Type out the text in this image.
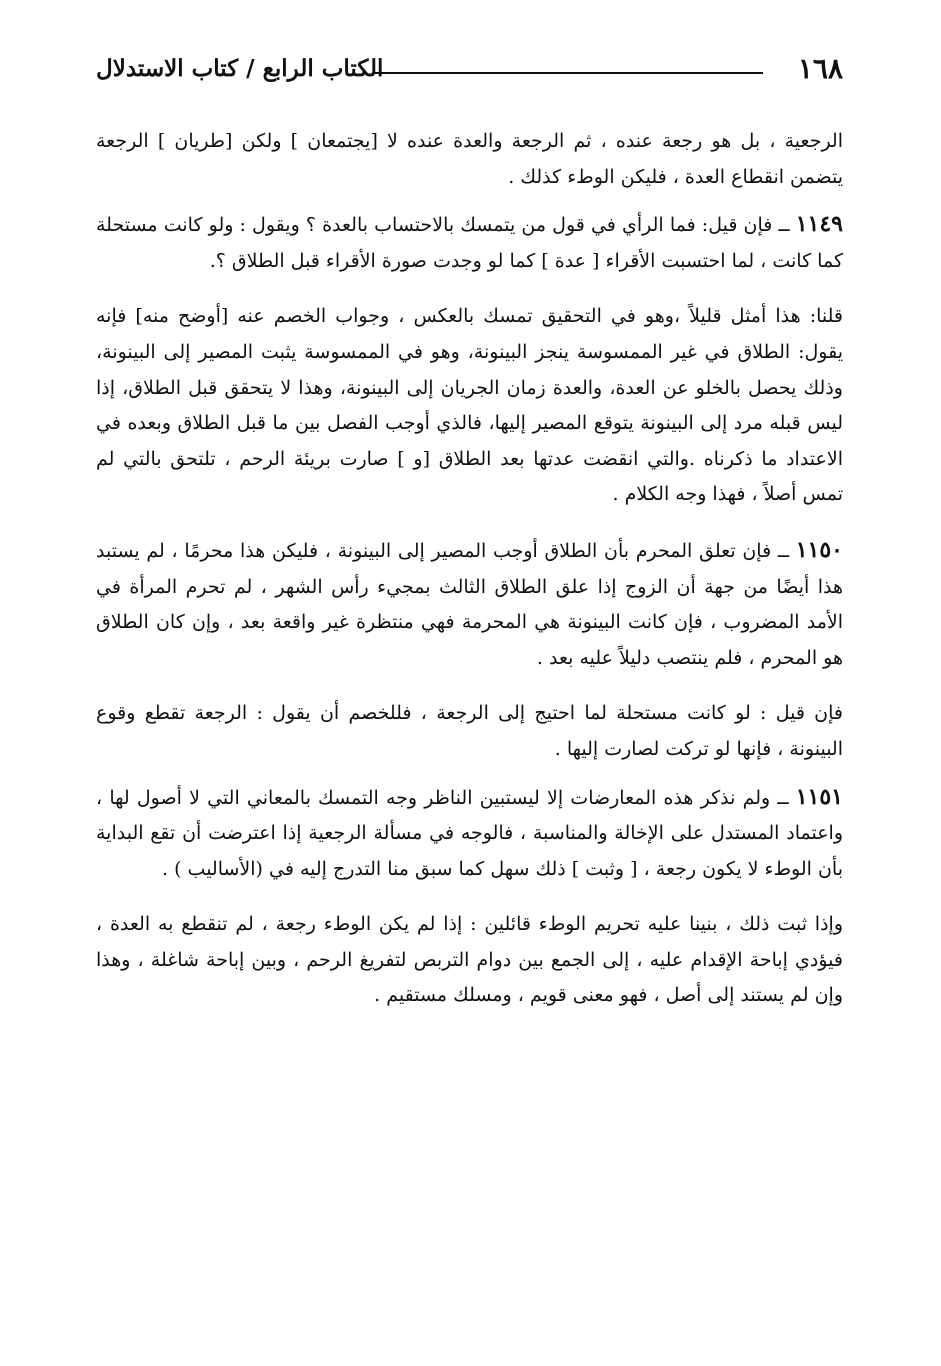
١٦٨
الكتاب الرابع / كتاب الاستدلال

الرجعية ، بل هو رجعة عنده ، ثم الرجعة والعدة عنده لا [يجتمعان ] ولكن [طريان ] الرجعة يتضمن انقطاع العدة ، فليكن الوطء كذلك .

١١٤٩ ــ فإن قيل: فما الرأي في قول من يتمسك بالاحتساب بالعدة ؟ ويقول : ولو كانت مستحلة كما كانت ، لما احتسبت الأقراء [ عدة ] كما لو وجدت صورة الأقراء قبل الطلاق ؟.

قلنا: هذا أمثل قليلاً ،وهو في التحقيق تمسك بالعكس ، وجواب الخصم عنه [أوضح منه] فإنه يقول: الطلاق في غير الممسوسة ينجز البينونة، وهو في الممسوسة يثبت المصير إلى البينونة، وذلك يحصل بالخلو عن العدة، والعدة زمان الجريان إلى البينونة، وهذا لا يتحقق قبل الطلاق، إذا ليس قبله مرد إلى البينونة يتوقع المصير إليها، فالذي أوجب الفصل بين ما قبل الطلاق وبعده في الاعتداد ما ذكرناه .والتي انقضت عدتها بعد الطلاق [و ] صارت بريئة الرحم ، تلتحق بالتي لم تمس أصلاً ، فهذا وجه الكلام .

١١٥٠ ــ فإن تعلق المحرم بأن الطلاق أوجب المصير إلى البينونة ، فليكن هذا محرمًا ، لم يستبد هذا أيضًا من جهة أن الزوج إذا علق الطلاق الثالث بمجيء رأس الشهر ، لم تحرم المرأة في الأمد المضروب ، فإن كانت البينونة هي المحرمة فهي منتظرة غير واقعة بعد ، وإن كان الطلاق هو المحرم ، فلم ينتصب دليلاً عليه بعد .

فإن قيل : لو كانت مستحلة لما احتيج إلى الرجعة ، فللخصم أن يقول : الرجعة تقطع وقوع البينونة ، فإنها لو تركت لصارت إليها .

١١٥١ ــ ولم نذكر هذه المعارضات إلا ليستبين الناظر وجه التمسك بالمعاني التي لا أصول لها ، واعتماد المستدل على الإخالة والمناسبة ، فالوجه في مسألة الرجعية إذا اعترضت أن تقع البداية بأن الوطء لا يكون رجعة ، [ وثبت ] ذلك سهل كما سبق منا التدرج إليه في (الأساليب ) .

وإذا ثبت ذلك ، بنينا عليه تحريم الوطء قائلين : إذا لم يكن الوطء رجعة ، لم تنقطع به العدة ، فيؤدي إباحة الإقدام عليه ، إلى الجمع بين دوام التربص لتفريغ الرحم ، وبين إباحة شاغلة ، وهذا وإن لم يستند إلى أصل ، فهو معنى قويم ، ومسلك مستقيم .
